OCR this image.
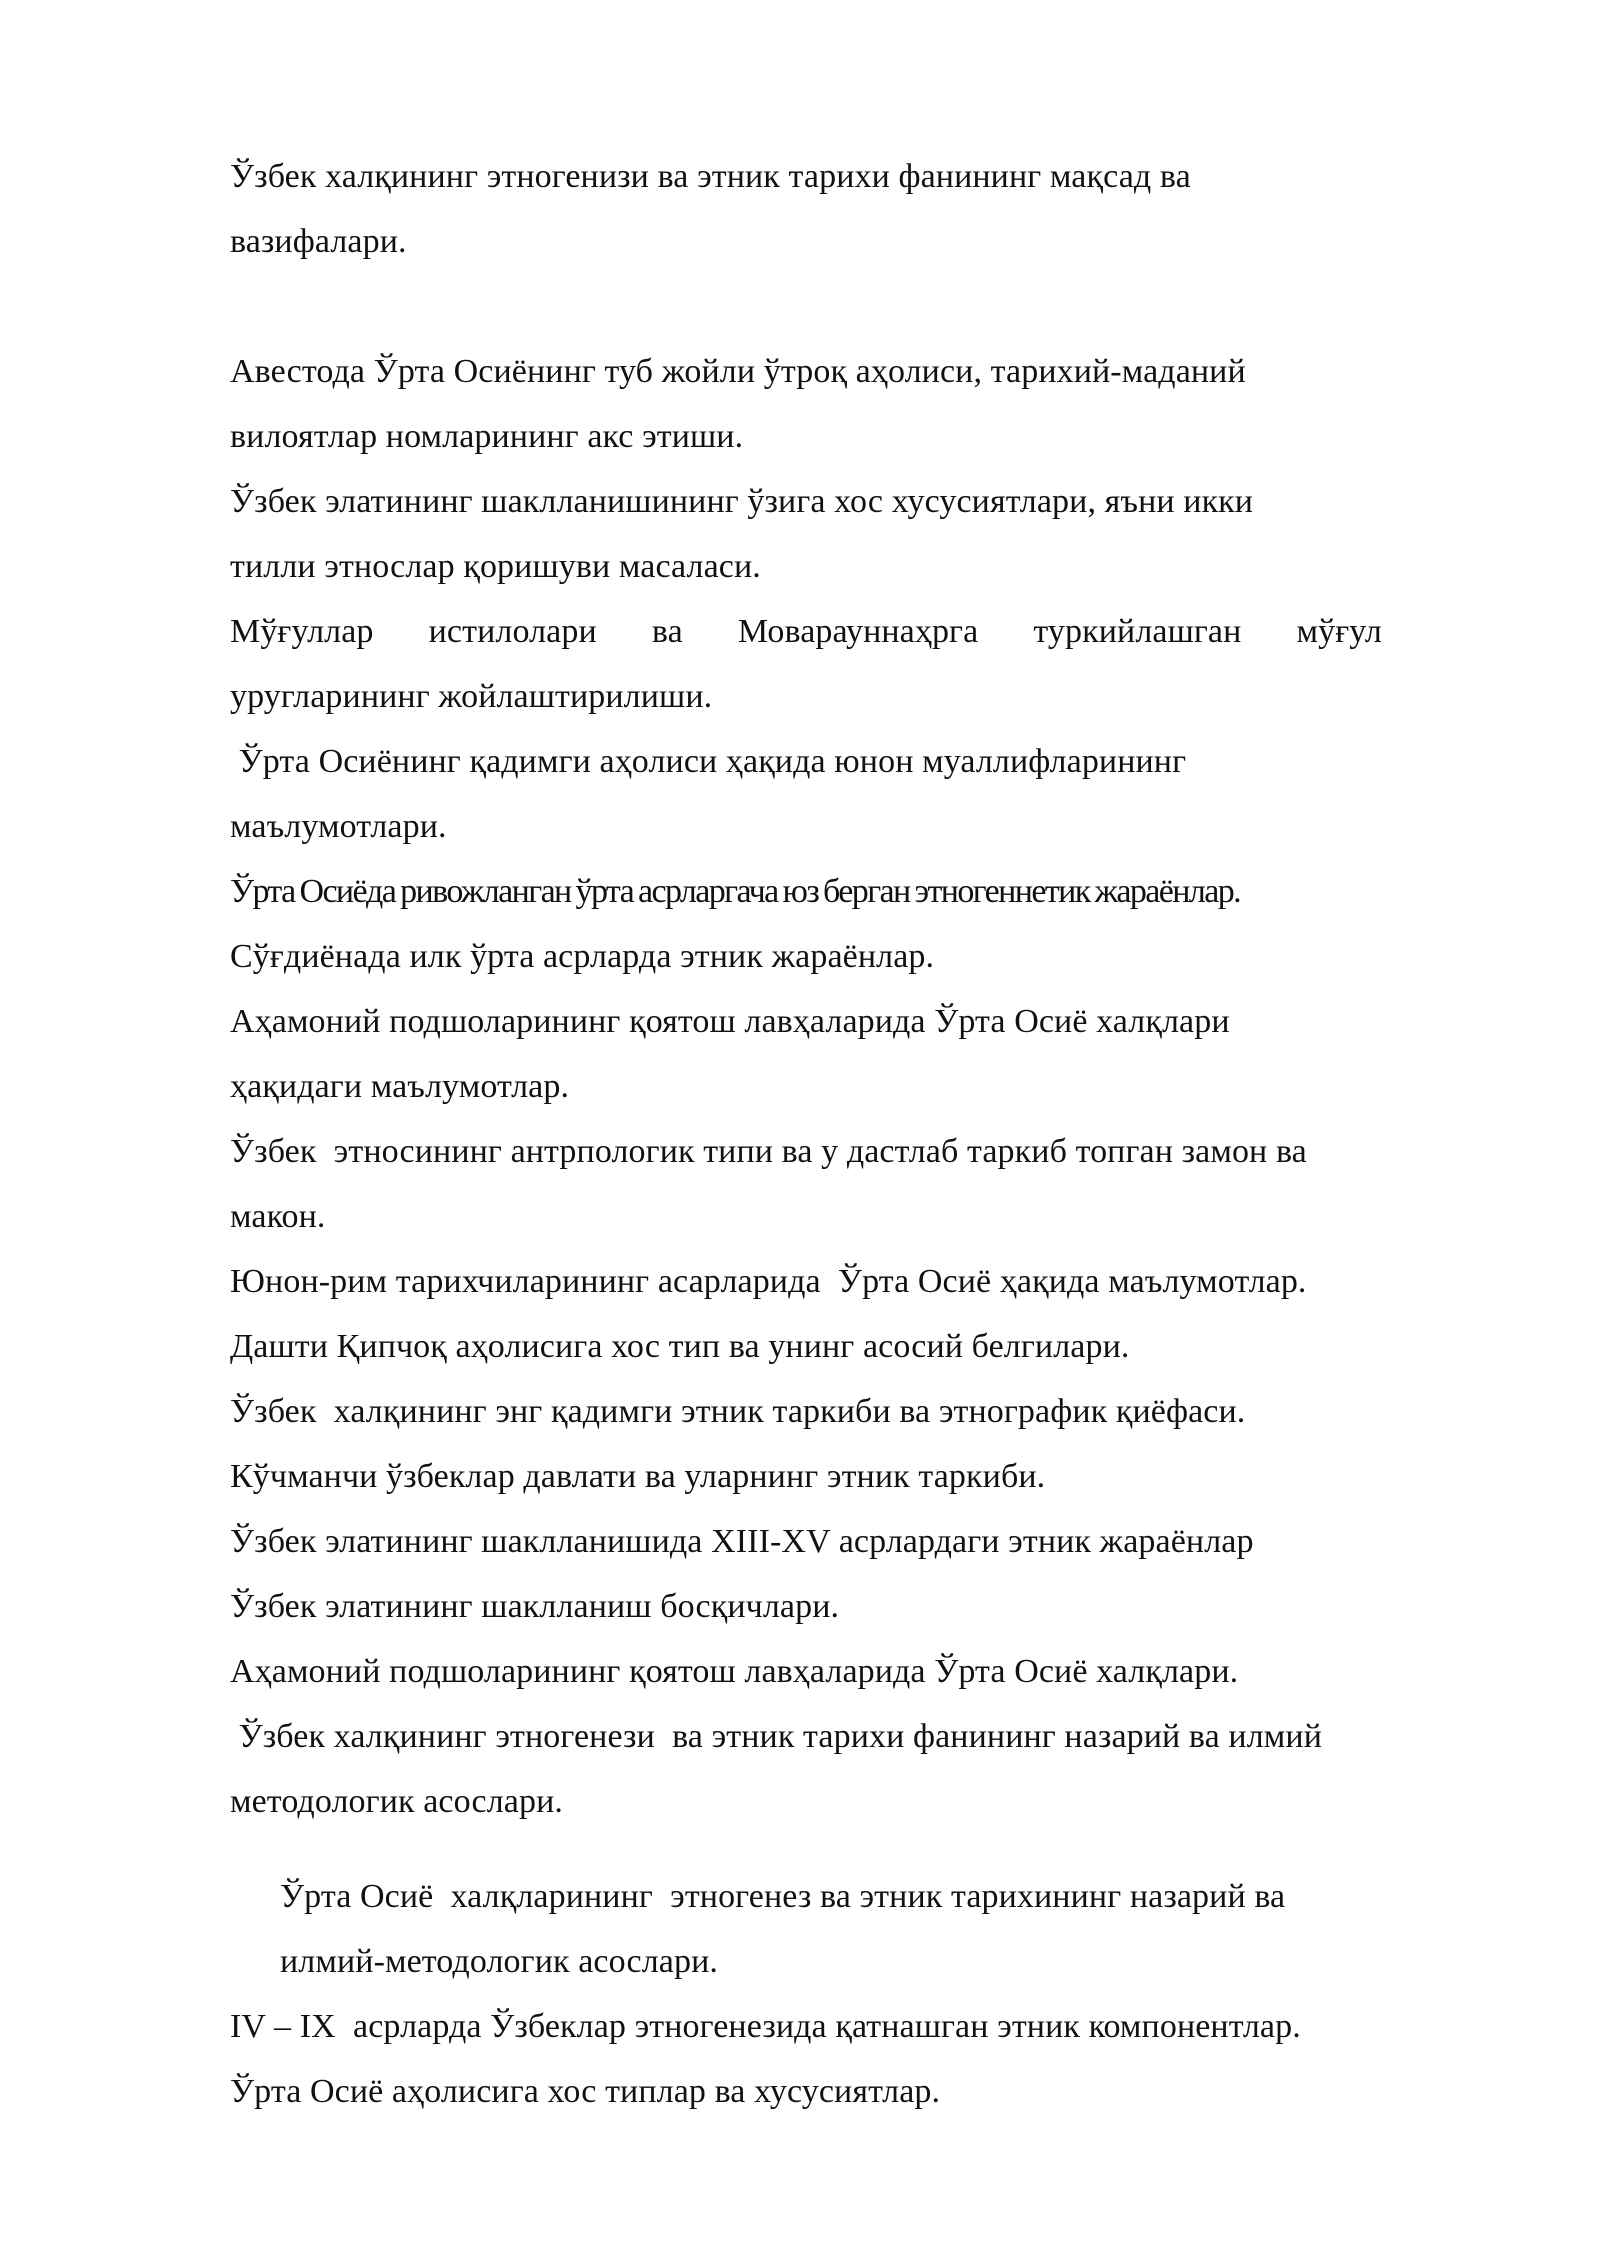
Ўзбек халқининг этногенизи ва этник тарихи фанининг мақсад ва
вазифалари.
Авестода Ўрта Осиёнинг туб жойли ўтроқ аҳолиси, тарихий-маданий
вилоятлар номларининг акс этиши.
Ўзбек элатининг шаклланишининг ўзига хос хусусиятлари, яъни икки
тилли этнослар қоришуви масаласи.
Мўғуллар истилолари ва Моварауннаҳрга туркийлашган мўғул
уругларининг жойлаштирилиши.
Ўрта Осиёнинг қадимги аҳолиси ҳақида юнон муаллифларининг
маълумотлари.
Ўрта Осиёда ривожланган ўрта асрларгача юз берган этногеннетик жараёнлар.
Сўғдиёнада илк ўрта асрларда этник жараёнлар.
Аҳамоний подшоларининг қоятош лавҳаларида Ўрта Осиё халқлари
ҳақидаги маълумотлар.
Ўзбек  этносининг антрпологик типи ва у дастлаб таркиб топган замон ва
макон.
Юнон-рим тарихчиларининг асарларида  Ўрта Осиё ҳақида маълумотлар.
Дашти Қипчоқ аҳолисига хос тип ва унинг асосий белгилари.
Ўзбек  халқининг энг қадимги этник таркиби ва этнографик қиёфаси.
Кўчманчи ўзбеклар давлати ва уларнинг этник таркиби.
Ўзбек элатининг шаклланишида XIII-XV асрлардаги этник жараёнлар
Ўзбек элатининг шаклланиш босқичлари.
Аҳамоний подшоларининг қоятош лавҳаларида Ўрта Осиё халқлари.
Ўзбек халқининг этногенези  ва этник тарихи фанининг назарий ва илмий
методологик асослари.
Ўрта Осиё  халқларининг  этногенез ва этник тарихининг назарий ва
илмий-методологик асослари.
IV – IX  асрларда Ўзбеклар этногенезида қатнашган этник компонентлар.
Ўрта Осиё аҳолисига хос типлар ва хусусиятлар.
